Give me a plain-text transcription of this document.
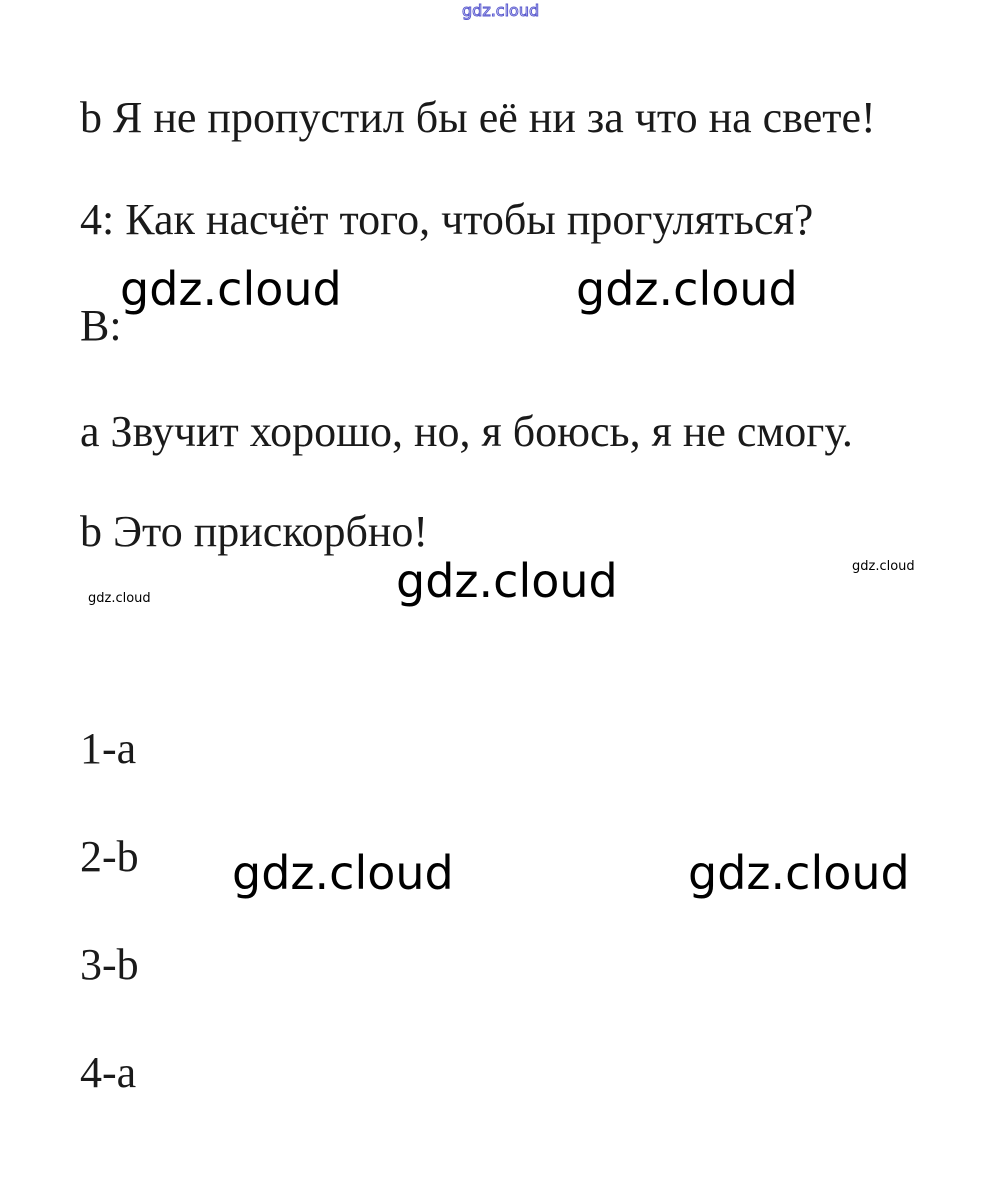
gdz.cloud

b Я не пропустил бы её ни за что на свете!

4: Как насчёт того, чтобы прогуляться?

B:

a Звучит хорошо, но, я боюсь, я не смогу.

b Это прискорбно!

1-a

2-b

3-b

4-a

gdz.cloud	gdz.cloud
gdz.cloud	gdz.cloud
gdz.cloud
gdz.cloud	gdz.cloud
